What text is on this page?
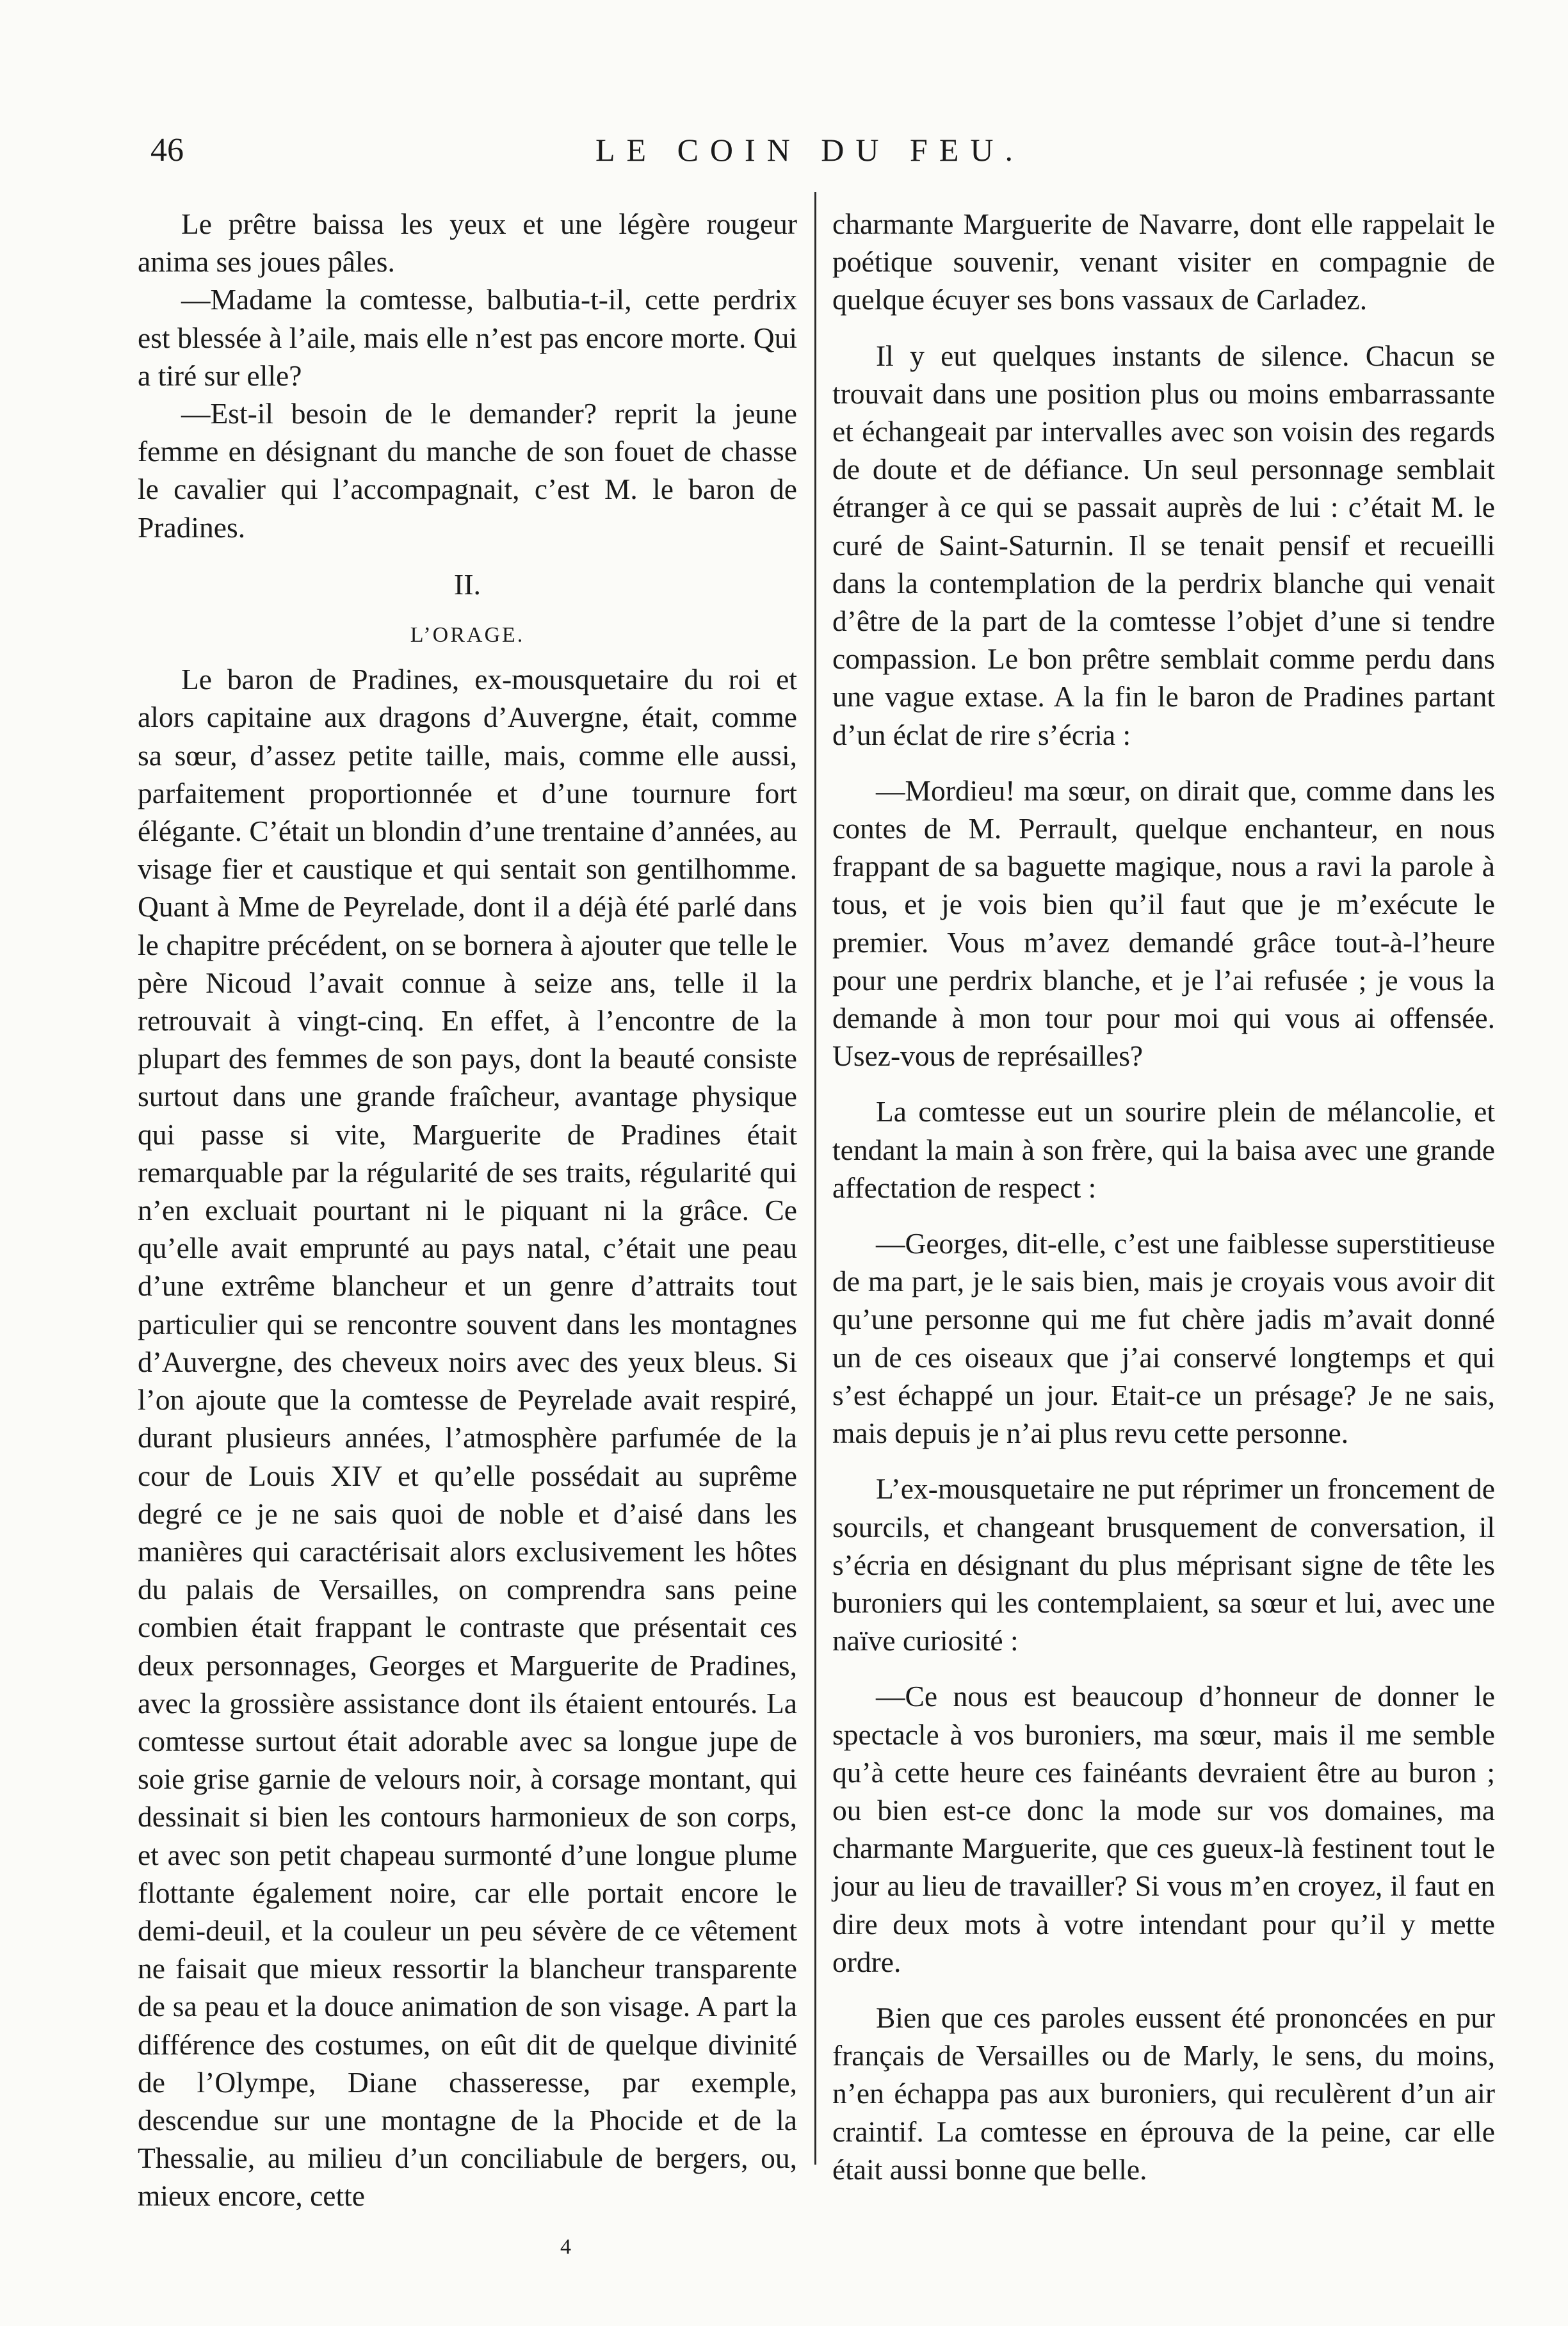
46	LE COIN DU FEU.

Le prêtre baissa les yeux et une légère rougeur anima ses joues pâles.

—Madame la comtesse, balbutia-t-il, cette perdrix est blessée à l’aile, mais elle n’est pas encore morte. Qui a tiré sur elle?

—Est-il besoin de le demander? reprit la jeune femme en désignant du manche de son fouet de chasse le cavalier qui l’accompagnait, c’est M. le baron de Pradines.

II.

L’ORAGE.

Le baron de Pradines, ex-mousquetaire du roi et alors capitaine aux dragons d’Auvergne, était, comme sa sœur, d’assez petite taille, mais, comme elle aussi, parfaitement proportionnée et d’une tournure fort élégante. C’était un blondin d’une trentaine d’années, au visage fier et caustique et qui sentait son gentilhomme. Quant à Mme de Peyrelade, dont il a déjà été parlé dans le chapitre précédent, on se bornera à ajouter que telle le père Nicoud l’avait connue à seize ans, telle il la retrouvait à vingt-cinq. En effet, à l’encontre de la plupart des femmes de son pays, dont la beauté consiste surtout dans une grande fraîcheur, avantage physique qui passe si vite, Marguerite de Pradines était remarquable par la régularité de ses traits, régularité qui n’en excluait pourtant ni le piquant ni la grâce. Ce qu’elle avait emprunté au pays natal, c’était une peau d’une extrême blancheur et un genre d’attraits tout particulier qui se rencontre souvent dans les montagnes d’Auvergne, des cheveux noirs avec des yeux bleus. Si l’on ajoute que la comtesse de Peyrelade avait respiré, durant plusieurs années, l’atmosphère parfumée de la cour de Louis XIV et qu’elle possédait au suprême degré ce je ne sais quoi de noble et d’aisé dans les manières qui caractérisait alors exclusivement les hôtes du palais de Versailles, on comprendra sans peine combien était frappant le contraste que présentait ces deux personnages, Georges et Marguerite de Pradines, avec la grossière assistance dont ils étaient entourés. La comtesse surtout était adorable avec sa longue jupe de soie grise garnie de velours noir, à corsage montant, qui dessinait si bien les contours harmonieux de son corps, et avec son petit chapeau surmonté d’une longue plume flottante également noire, car elle portait encore le demi-deuil, et la couleur un peu sévère de ce vêtement ne faisait que mieux ressortir la blancheur transparente de sa peau et la douce animation de son visage. A part la différence des costumes, on eût dit de quelque divinité de l’Olympe, Diane chasseresse, par exemple, descendue sur une montagne de la Phocide et de la Thessalie, au milieu d’un conciliabule de bergers, ou, mieux encore, cette

charmante Marguerite de Navarre, dont elle rappelait le poétique souvenir, venant visiter en compagnie de quelque écuyer ses bons vassaux de Carladez.

Il y eut quelques instants de silence. Chacun se trouvait dans une position plus ou moins embarrassante et échangeait par intervalles avec son voisin des regards de doute et de défiance. Un seul personnage semblait étranger à ce qui se passait auprès de lui : c’était M. le curé de Saint-Saturnin. Il se tenait pensif et recueilli dans la contemplation de la perdrix blanche qui venait d’être de la part de la comtesse l’objet d’une si tendre compassion. Le bon prêtre semblait comme perdu dans une vague extase. A la fin le baron de Pradines partant d’un éclat de rire s’écria :

—Mordieu! ma sœur, on dirait que, comme dans les contes de M. Perrault, quelque enchanteur, en nous frappant de sa baguette magique, nous a ravi la parole à tous, et je vois bien qu’il faut que je m’exécute le premier. Vous m’avez demandé grâce tout-à-l’heure pour une perdrix blanche, et je l’ai refusée ; je vous la demande à mon tour pour moi qui vous ai offensée. Usez-vous de représailles?

La comtesse eut un sourire plein de mélancolie, et tendant la main à son frère, qui la baisa avec une grande affectation de respect :

—Georges, dit-elle, c’est une faiblesse superstitieuse de ma part, je le sais bien, mais je croyais vous avoir dit qu’une personne qui me fut chère jadis m’avait donné un de ces oiseaux que j’ai conservé longtemps et qui s’est échappé un jour. Etait-ce un présage? Je ne sais, mais depuis je n’ai plus revu cette personne.

L’ex-mousquetaire ne put réprimer un froncement de sourcils, et changeant brusquement de conversation, il s’écria en désignant du plus méprisant signe de tête les buroniers qui les contemplaient, sa sœur et lui, avec une naïve curiosité :

—Ce nous est beaucoup d’honneur de donner le spectacle à vos buroniers, ma sœur, mais il me semble qu’à cette heure ces fainéants devraient être au buron ; ou bien est-ce donc la mode sur vos domaines, ma charmante Marguerite, que ces gueux-là festinent tout le jour au lieu de travailler? Si vous m’en croyez, il faut en dire deux mots à votre intendant pour qu’il y mette ordre.

Bien que ces paroles eussent été prononcées en pur français de Versailles ou de Marly, le sens, du moins, n’en échappa pas aux buroniers, qui reculèrent d’un air craintif. La comtesse en éprouva de la peine, car elle était aussi bonne que belle.

4
